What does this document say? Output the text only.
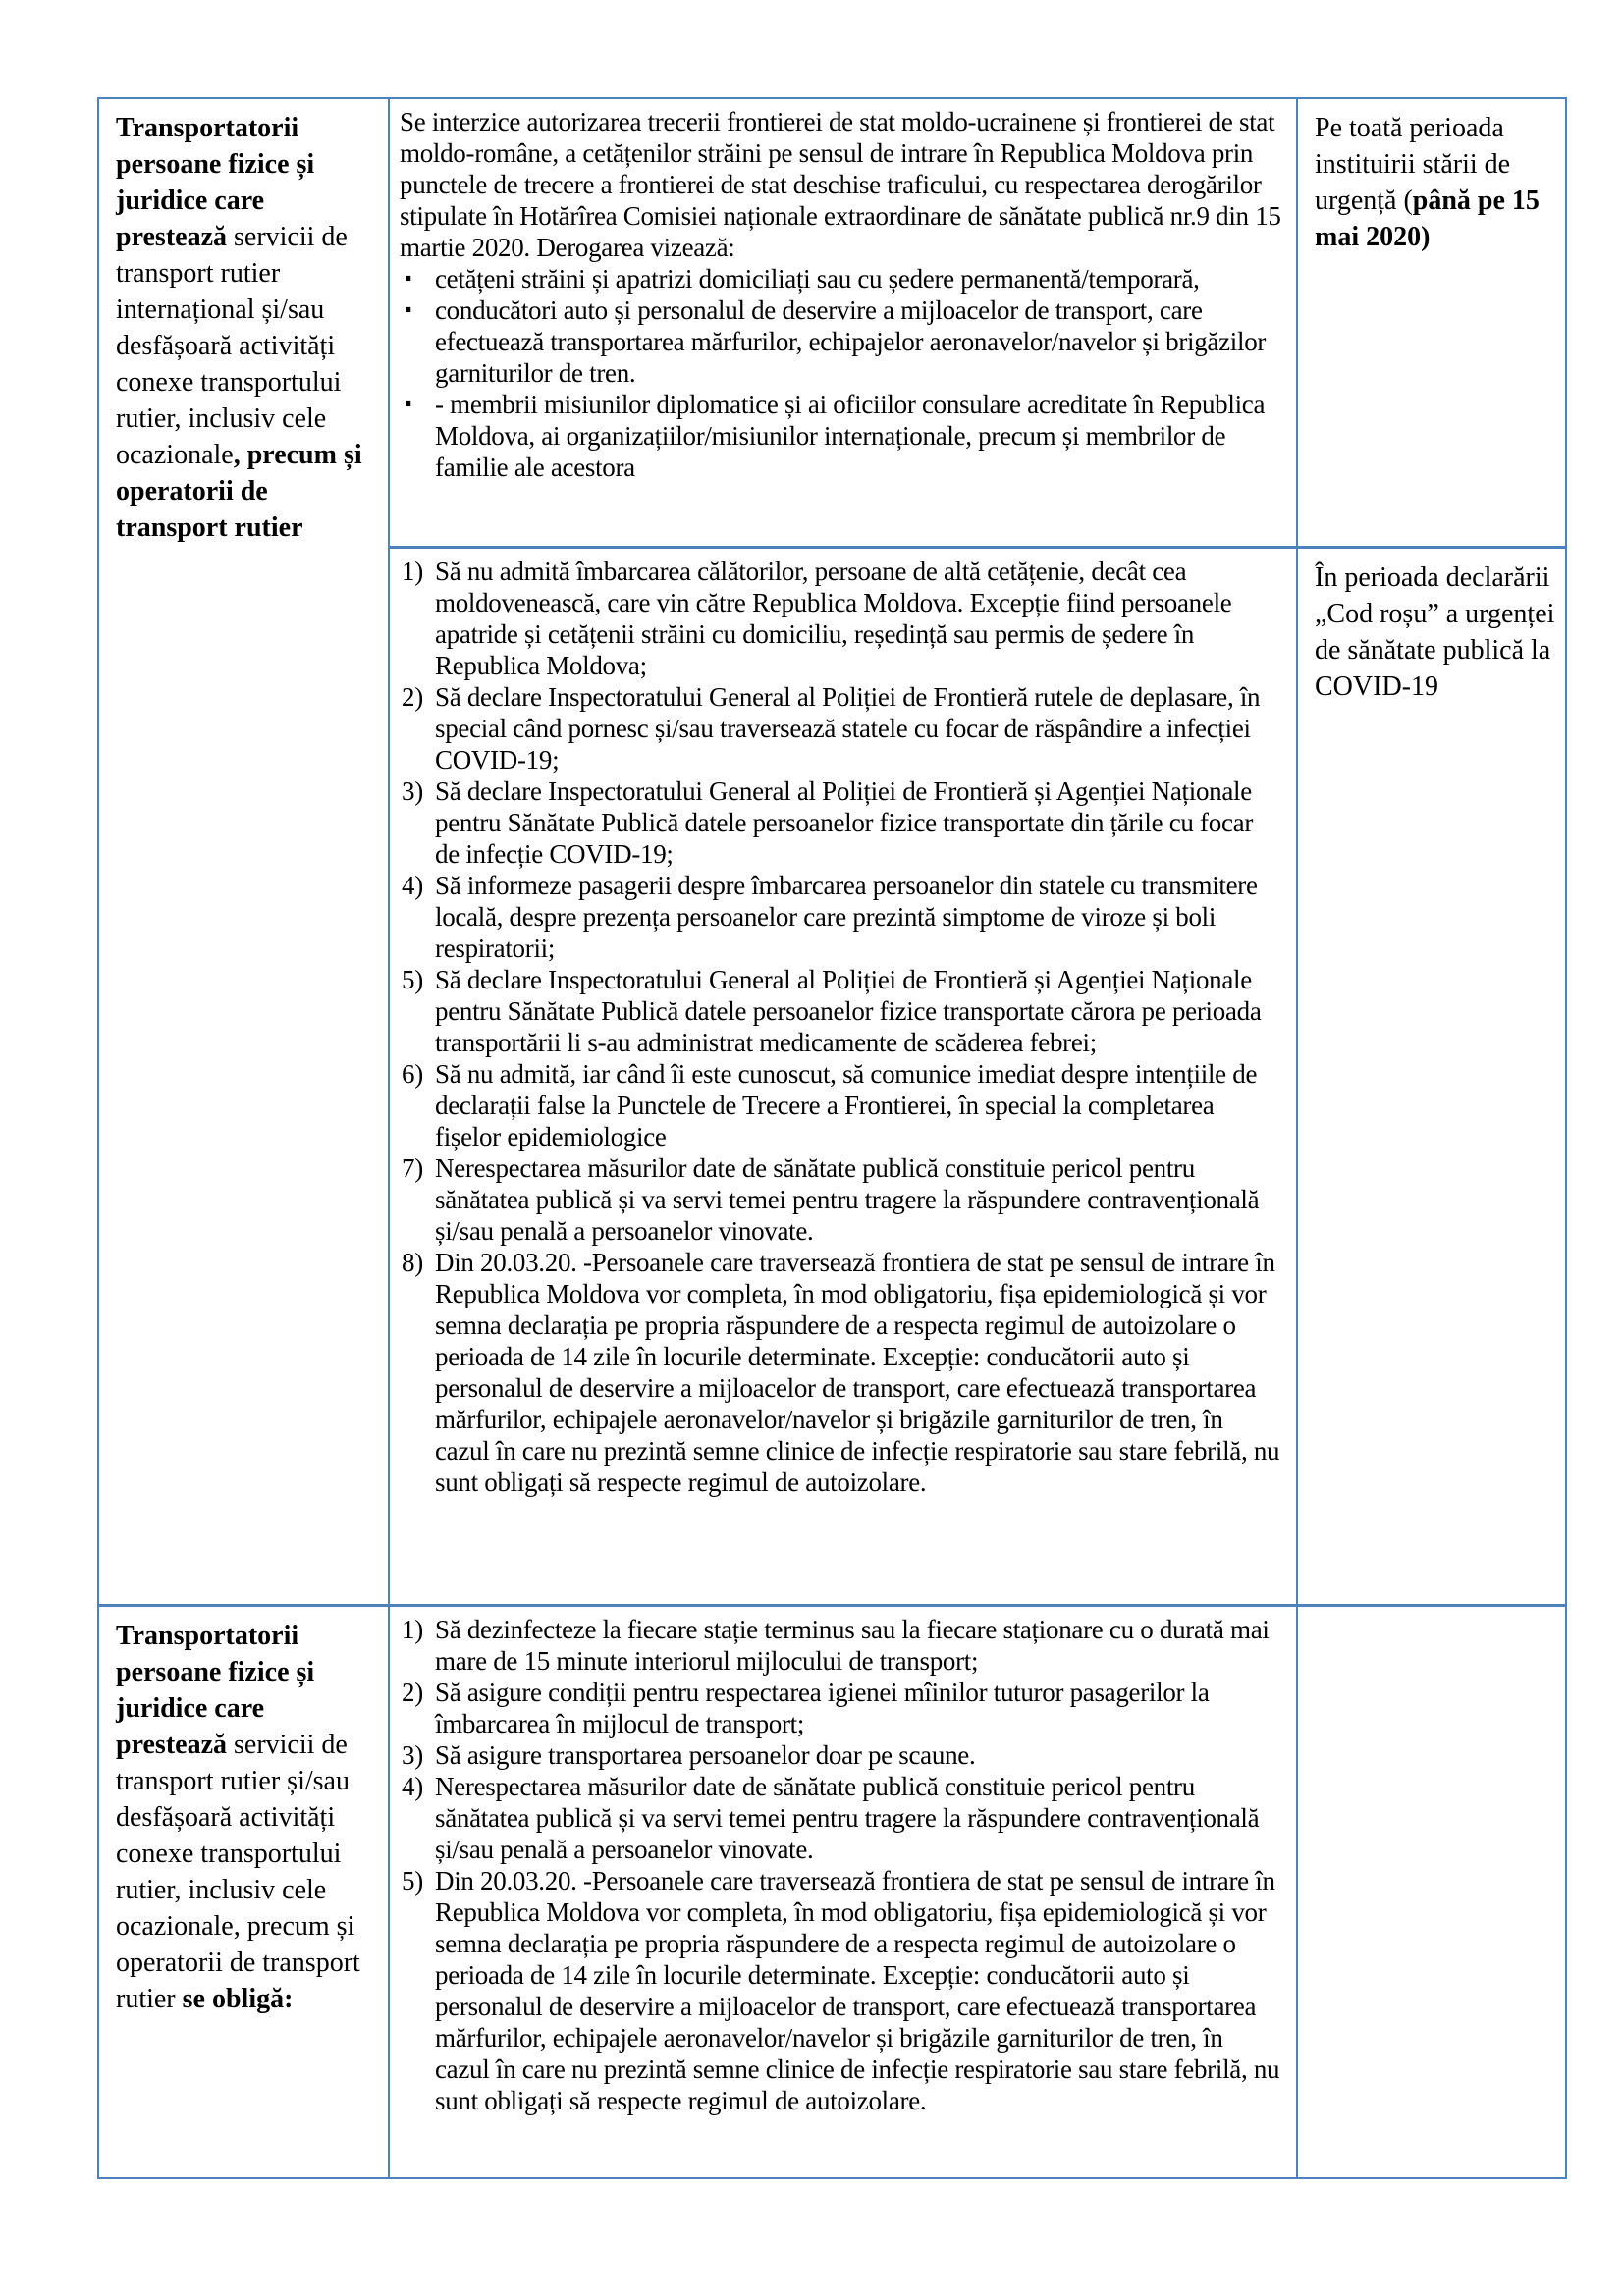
Transportatorii persoane fizice și juridice care prestează servicii de transport rutier internațional și/sau desfășoară activități conexe transportului rutier, inclusiv cele ocazionale, precum și operatorii de transport rutier

Se interzice autorizarea trecerii frontierei de stat moldo-ucrainene și frontierei de stat moldo-române, a cetățenilor străini pe sensul de intrare în Republica Moldova prin punctele de trecere a frontierei de stat deschise traficului, cu respectarea derogărilor stipulate în Hotărîrea Comisiei naționale extraordinare de sănătate publică nr.9 din 15 martie 2020. Derogarea vizează:

▪ cetățeni străini și apatrizi domiciliați sau cu ședere permanentă/temporară,
▪ conducători auto și personalul de deservire a mijloacelor de transport, care efectuează transportarea mărfurilor, echipajelor aeronavelor/navelor și brigăzilor garniturilor de tren.
▪ - membrii misiunilor diplomatice și ai oficiilor consulare acreditate în Republica Moldova, ai organizațiilor/misiunilor internaționale, precum și membrilor de familie ale acestora
Pe toată perioada instituirii stării de urgență (până pe 15 mai 2020)
1) Să nu admită îmbarcarea călătorilor, persoane de altă cetățenie, decât cea moldovenească, care vin către Republica Moldova. Excepție fiind persoanele apatride și cetățenii străini cu domiciliu, reședință sau permis de ședere în Republica Moldova;
2) Să declare Inspectoratului General al Poliției de Frontieră rutele de deplasare, în special când pornesc și/sau traversează statele cu focar de răspândire a infecției COVID-19;
3) Să declare Inspectoratului General al Poliției de Frontieră și Agenției Naționale pentru Sănătate Publică datele persoanelor fizice transportate din țările cu focar de infecție COVID-19;
4) Să informeze pasagerii despre îmbarcarea persoanelor din statele cu transmitere locală, despre prezența persoanelor care prezintă simptome de viroze și boli respiratorii;
5) Să declare Inspectoratului General al Poliției de Frontieră și Agenției Naționale pentru Sănătate Publică datele persoanelor fizice transportate cărora pe perioada transportării li s-au administrat medicamente de scăderea febrei;
6) Să nu admită, iar când îi este cunoscut, să comunice imediat despre intențiile de declarații false la Punctele de Trecere a Frontierei, în special la completarea fișelor epidemiologice
7) Nerespectarea măsurilor date de sănătate publică constituie pericol pentru sănătatea publică și va servi temei pentru tragere la răspundere contravențională și/sau penală a persoanelor vinovate.
8) Din 20.03.20. -Persoanele care traversează frontiera de stat pe sensul de intrare în Republica Moldova vor completa, în mod obligatoriu, fișa epidemiologică și vor semna declarația pe propria răspundere de a respecta regimul de autoizolare o perioada de 14 zile în locurile determinate. Excepție: conducătorii auto și personalul de deservire a mijloacelor de transport, care efectuează transportarea mărfurilor, echipajele aeronavelor/navelor și brigăzile garniturilor de tren, în cazul în care nu prezintă semne clinice de infecție respiratorie sau stare febrilă, nu sunt obligați să respecte regimul de autoizolare.
În perioada declarării „Cod roșu” a urgenței de sănătate publică la COVID-19
Transportatorii persoane fizice și juridice care prestează servicii de transport rutier și/sau desfășoară activități conexe transportului rutier, inclusiv cele ocazionale, precum și operatorii de transport rutier se obligă:
1) Să dezinfecteze la fiecare stație terminus sau la fiecare staționare cu o durată mai mare de 15 minute interiorul mijlocului de transport;
2) Să asigure condiții pentru respectarea igienei mîinilor tuturor pasagerilor la îmbarcarea în mijlocul de transport;
3) Să asigure transportarea persoanelor doar pe scaune.
4) Nerespectarea măsurilor date de sănătate publică constituie pericol pentru sănătatea publică și va servi temei pentru tragere la răspundere contravențională și/sau penală a persoanelor vinovate.
5) Din 20.03.20. -Persoanele care traversează frontiera de stat pe sensul de intrare în Republica Moldova vor completa, în mod obligatoriu, fișa epidemiologică și vor semna declarația pe propria răspundere de a respecta regimul de autoizolare o perioada de 14 zile în locurile determinate. Excepție: conducătorii auto și personalul de deservire a mijloacelor de transport, care efectuează transportarea mărfurilor, echipajele aeronavelor/navelor și brigăzile garniturilor de tren, în cazul în care nu prezintă semne clinice de infecție respiratorie sau stare febrilă, nu sunt obligați să respecte regimul de autoizolare.
